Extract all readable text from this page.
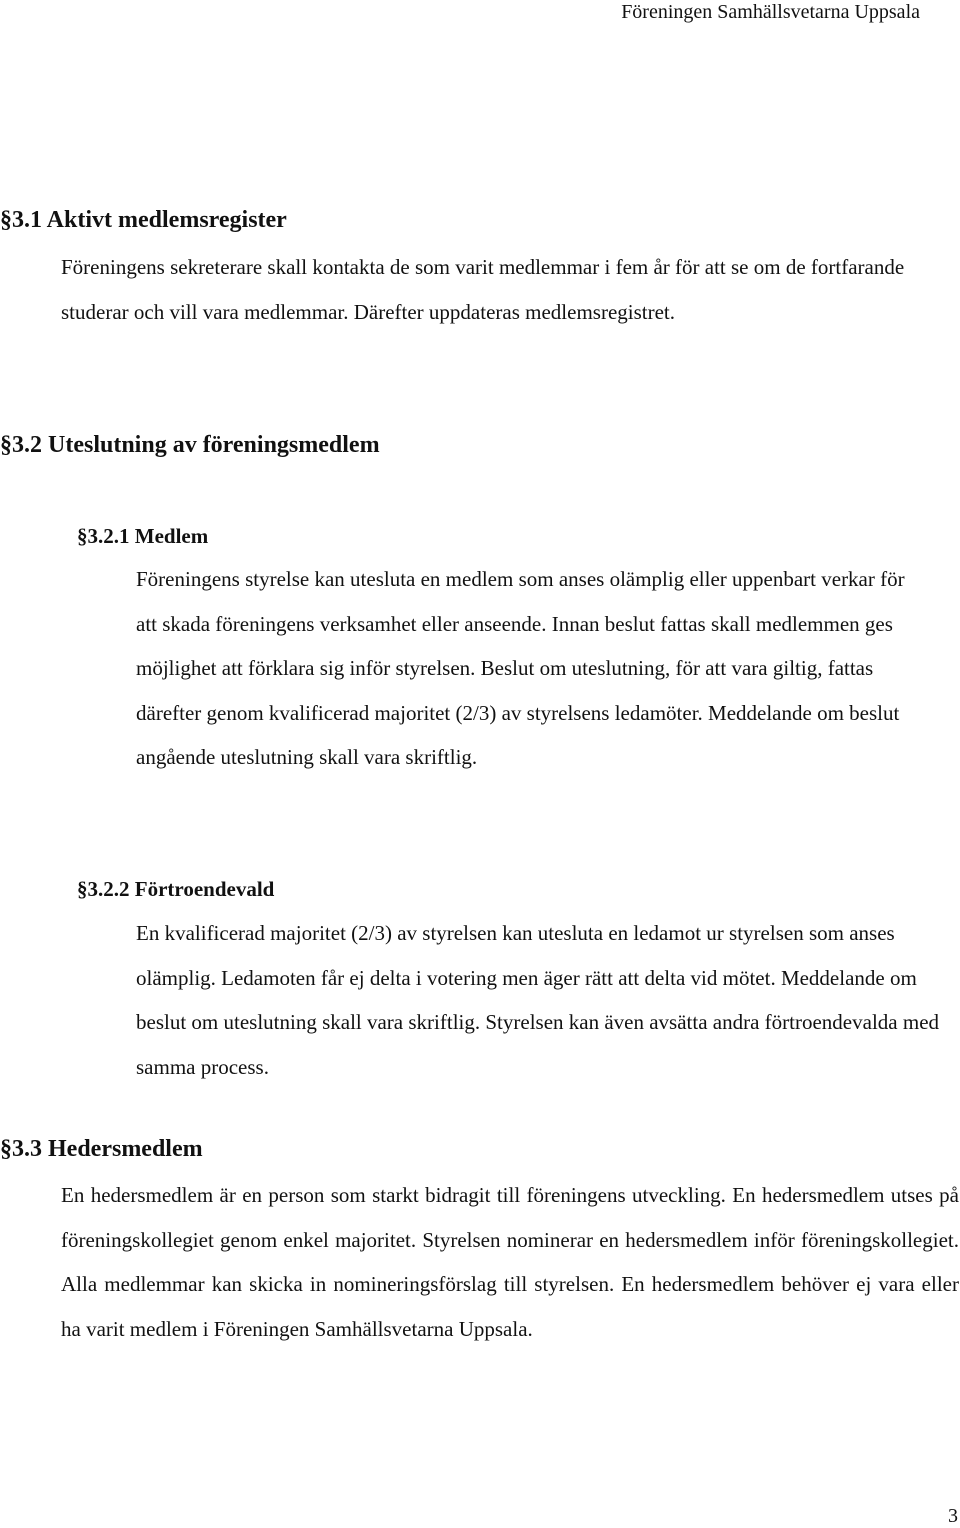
Föreningen Samhällsvetarna Uppsala
§3.1 Aktivt medlemsregister

Föreningens sekreterare skall kontakta de som varit medlemmar i fem år för att se om de fortfarande studerar och vill vara medlemmar. Därefter uppdateras medlemsregistret.

§3.2 Uteslutning av föreningsmedlem
§3.2.1 Medlem

Föreningens styrelse kan utesluta en medlem som anses olämplig eller uppenbart verkar för att skada föreningens verksamhet eller anseende. Innan beslut fattas skall medlemmen ges möjlighet att förklara sig inför styrelsen. Beslut om uteslutning, för att vara giltig, fattas därefter genom kvalificerad majoritet (2/3) av styrelsens ledamöter. Meddelande om beslut angående uteslutning skall vara skriftlig.

§3.2.2 Förtroendevald

En kvalificerad majoritet (2/3) av styrelsen kan utesluta en ledamot ur styrelsen som anses olämplig. Ledamoten får ej delta i votering men äger rätt att delta vid mötet. Meddelande om beslut om uteslutning skall vara skriftlig. Styrelsen kan även avsätta andra förtroendevalda med samma process.

§3.3 Hedersmedlem

En hedersmedlem är en person som starkt bidragit till föreningens utveckling. En hedersmedlem utses på föreningskollegiet genom enkel majoritet. Styrelsen nominerar en hedersmedlem inför föreningskollegiet. Alla medlemmar kan skicka in nomineringsförslag till styrelsen. En hedersmedlem behöver ej vara eller ha varit medlem i Föreningen Samhällsvetarna Uppsala.

3
